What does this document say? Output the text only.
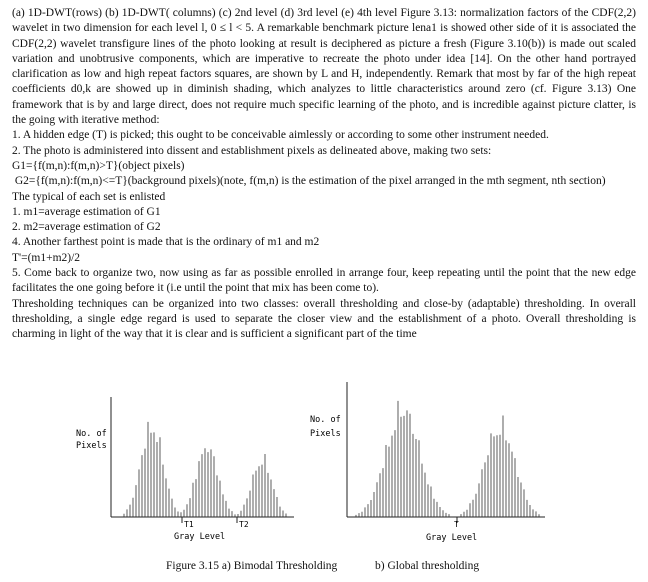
(a) 1D-DWT(rows) (b) 1D-DWT( columns) (c) 2nd level (d) 3rd level (e) 4th level Figure 3.13: normalization factors of the CDF(2,2) wavelet in two dimension for each level l, 0 ≤ l < 5. A remarkable benchmark picture lena1 is showed other side of it is associated the CDF(2,2) wavelet transfigure lines of the photo looking at result is deciphered as picture a fresh (Figure 3.10(b)) is made out scaled variation and unobtrusive components, which are imperative to recreate the photo under idea [14]. On the other hand portrayed clarification as low and high repeat factors squares, are shown by L and H, independently. Remark that most by far of the high repeat coefficients d0,k are showed up in diminish shading, which analyzes to little characteristics around zero (cf. Figure 3.13) One framework that is by and large direct, does not require much specific learning of the photo, and is incredible against picture clatter, is the going with iterative method:

1. A hidden edge (T) is picked; this ought to be conceivable aimlessly or according to some other instrument needed.

2. The photo is administered into dissent and establishment pixels as delineated above, making two sets:

G1={f(m,n):f(m,n)>T}(object pixels)

G2={f(m,n):f(m,n)<=T}(background pixels)(note, f(m,n) is the estimation of the pixel arranged in the mth segment, nth section)

The typical of each set is enlisted

1. m1=average estimation of G1

2. m2=average estimation of G2

4. Another farthest point is made that is the ordinary of m1 and m2

T'=(m1+m2)/2

5. Come back to organize two, now using as far as possible enrolled in arrange four, keep repeating until the point that the new edge facilitates the one going before it (i.e until the point that mix has been come to).

Thresholding techniques can be organized into two classes: overall thresholding and close-by (adaptable) thresholding. In overall thresholding, a single edge regard is used to separate the closer view and the establishment of a photo. Overall thresholding is charming in light of the way that it is clear and is sufficient a significant part of the time

No. of
Pixels
T1	T2
Gray Level
No. of
Pixels
T
Gray Level
Figure 3.15 a) Bimodal Thresholding	b) Global thresholding
